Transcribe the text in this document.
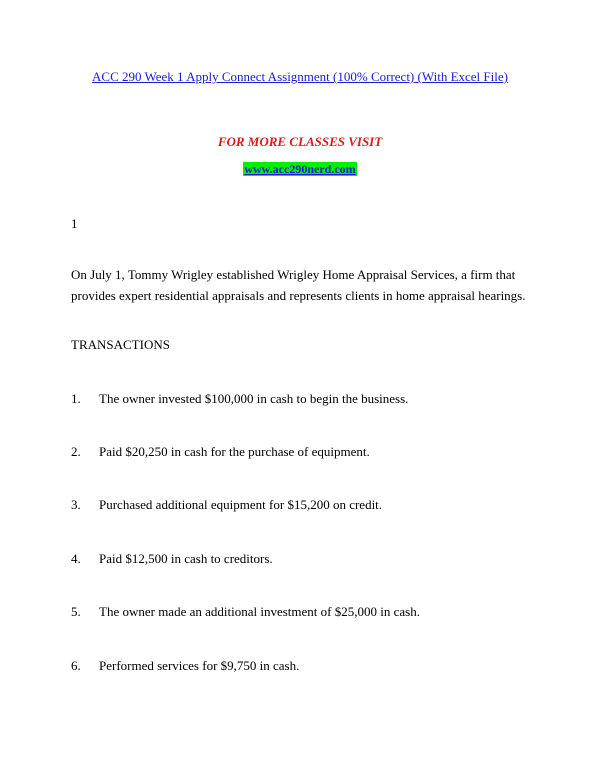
ACC 290 Week 1 Apply Connect Assignment (100% Correct) (With Excel File)
FOR MORE CLASSES VISIT
www.acc290nerd.com
1

On July 1, Tommy Wrigley established Wrigley Home Appraisal Services, a firm that provides expert residential appraisals and represents clients in home appraisal hearings.

TRANSACTIONS
1. The owner invested $100,000 in cash to begin the business.
2. Paid $20,250 in cash for the purchase of equipment.
3. Purchased additional equipment for $15,200 on credit.
4. Paid $12,500 in cash to creditors.
5. The owner made an additional investment of $25,000 in cash.
6. Performed services for $9,750 in cash.
